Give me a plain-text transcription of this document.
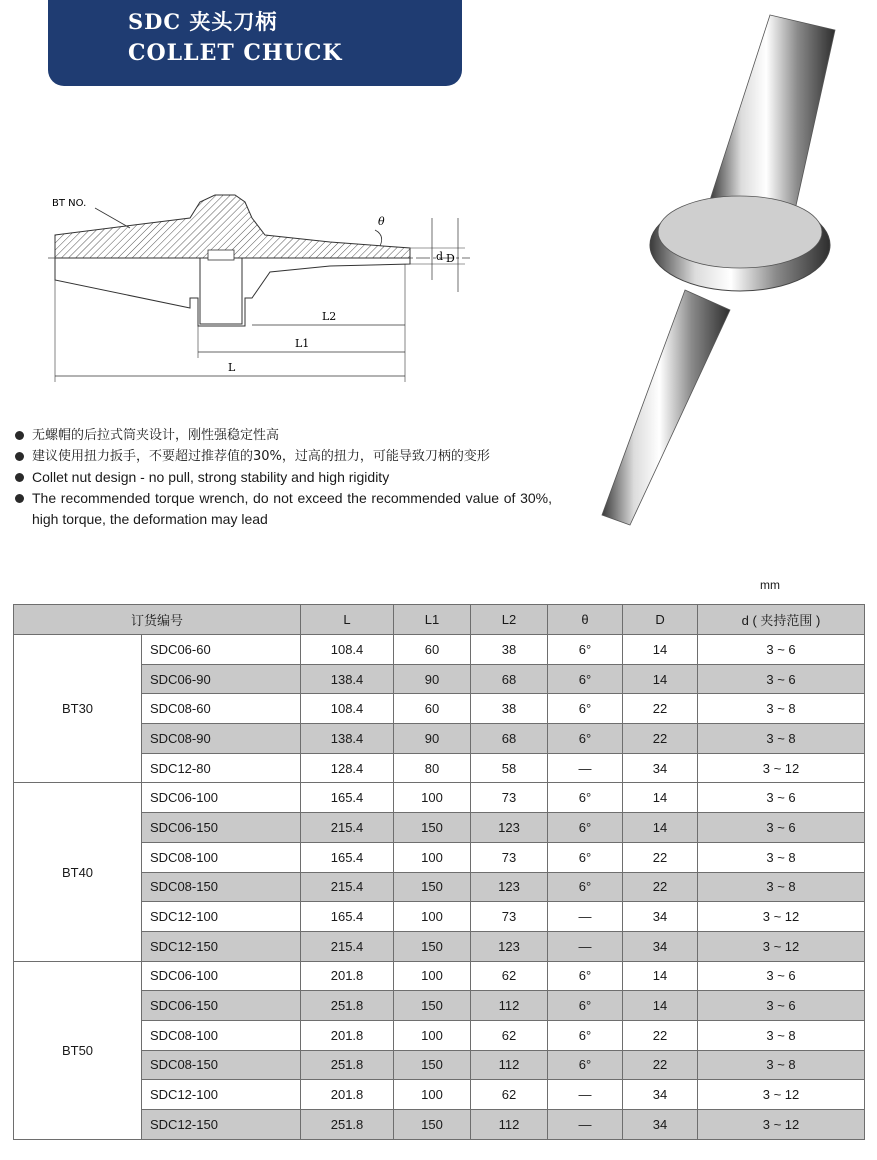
SDC 夹头刀柄
COLLET CHUCK
BT NO.
θ
d D
L2
L1
L
无螺帽的后拉式筒夹设计，刚性强稳定性高
建议使用扭力扳手，不要超过推荐值的30%，过高的扭力，可能导致刀柄的变形
Collet nut design - no pull, strong stability and high rigidity
The recommended torque wrench, do not exceed the recommended value of 30%, high torque, the deformation may lead
mm
订货编号		L	L1	L2	θ	D	d ( 夹持范围 )
BT30	SDC06-60	108.4	60	38	6°	14	3 ~ 6
	SDC06-90	138.4	90	68	6°	14	3 ~ 6
	SDC08-60	108.4	60	38	6°	22	3 ~ 8
	SDC08-90	138.4	90	68	6°	22	3 ~ 8
	SDC12-80	128.4	80	58	—	34	3 ~ 12
BT40	SDC06-100	165.4	100	73	6°	14	3 ~ 6
	SDC06-150	215.4	150	123	6°	14	3 ~ 6
	SDC08-100	165.4	100	73	6°	22	3 ~ 8
	SDC08-150	215.4	150	123	6°	22	3 ~ 8
	SDC12-100	165.4	100	73	—	34	3 ~ 12
	SDC12-150	215.4	150	123	—	34	3 ~ 12
BT50	SDC06-100	201.8	100	62	6°	14	3 ~ 6
	SDC06-150	251.8	150	112	6°	14	3 ~ 6
	SDC08-100	201.8	100	62	6°	22	3 ~ 8
	SDC08-150	251.8	150	112	6°	22	3 ~ 8
	SDC12-100	201.8	100	62	—	34	3 ~ 12
	SDC12-150	251.8	150	112	—	34	3 ~ 12
